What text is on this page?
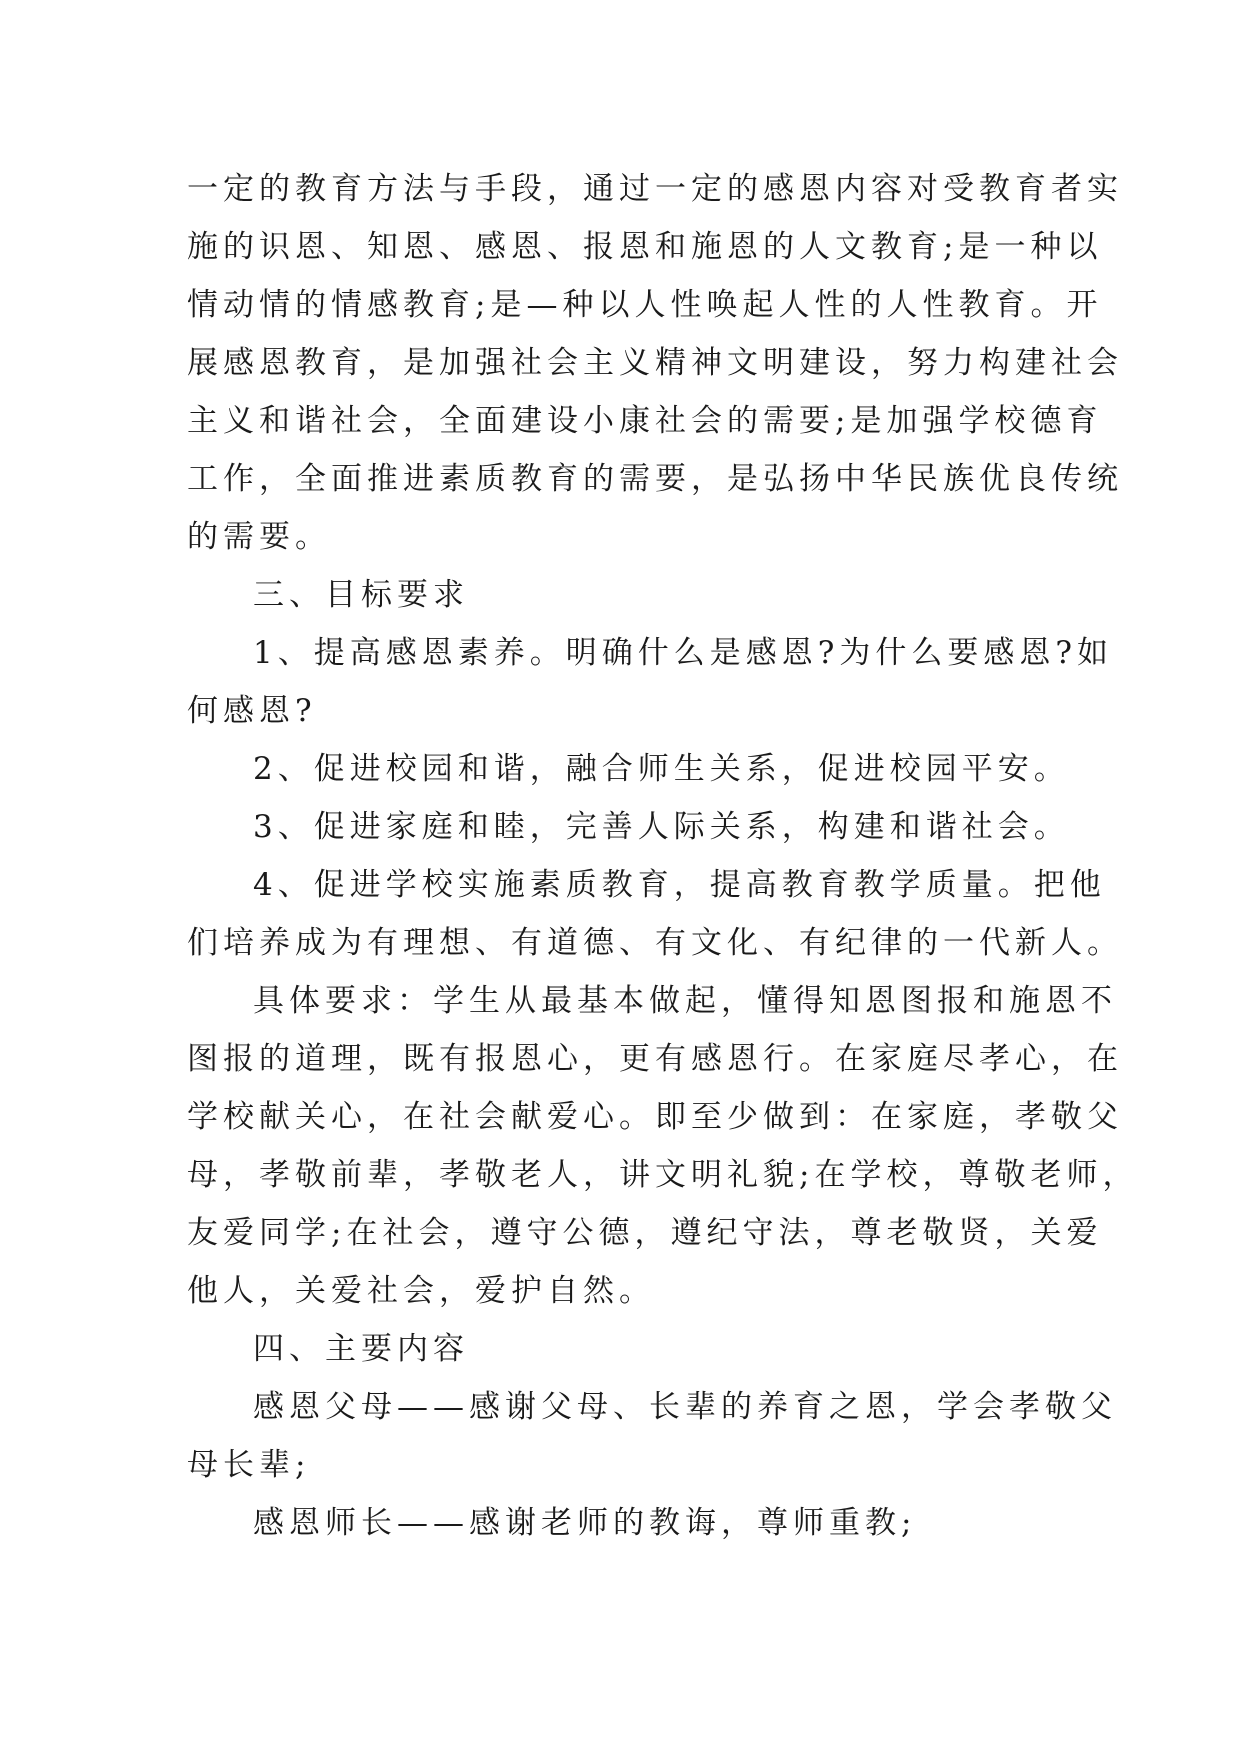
一定的教育方法与手段，通过一定的感恩内容对受教育者实
施的识恩、知恩、感恩、报恩和施恩的人文教育;是一种以
情动情的情感教育;是—种以人性唤起人性的人性教育。开
展感恩教育，是加强社会主义精神文明建设，努力构建社会
主义和谐社会，全面建设小康社会的需要;是加强学校德育
工作，全面推进素质教育的需要，是弘扬中华民族优良传统
的需要。
三、目标要求
1、提高感恩素养。明确什么是感恩?为什么要感恩?如
何感恩?
2、促进校园和谐，融合师生关系，促进校园平安。
3、促进家庭和睦，完善人际关系，构建和谐社会。
4、促进学校实施素质教育，提高教育教学质量。把他
们培养成为有理想、有道德、有文化、有纪律的一代新人。
具体要求：学生从最基本做起，懂得知恩图报和施恩不
图报的道理，既有报恩心，更有感恩行。在家庭尽孝心，在
学校献关心，在社会献爱心。即至少做到：在家庭，孝敬父
母，孝敬前辈，孝敬老人，讲文明礼貌;在学校，尊敬老师，
友爱同学;在社会，遵守公德，遵纪守法，尊老敬贤，关爱
他人，关爱社会，爱护自然。
四、主要内容
感恩父母——感谢父母、长辈的养育之恩，学会孝敬父
母长辈;
感恩师长——感谢老师的教诲，尊师重教;
